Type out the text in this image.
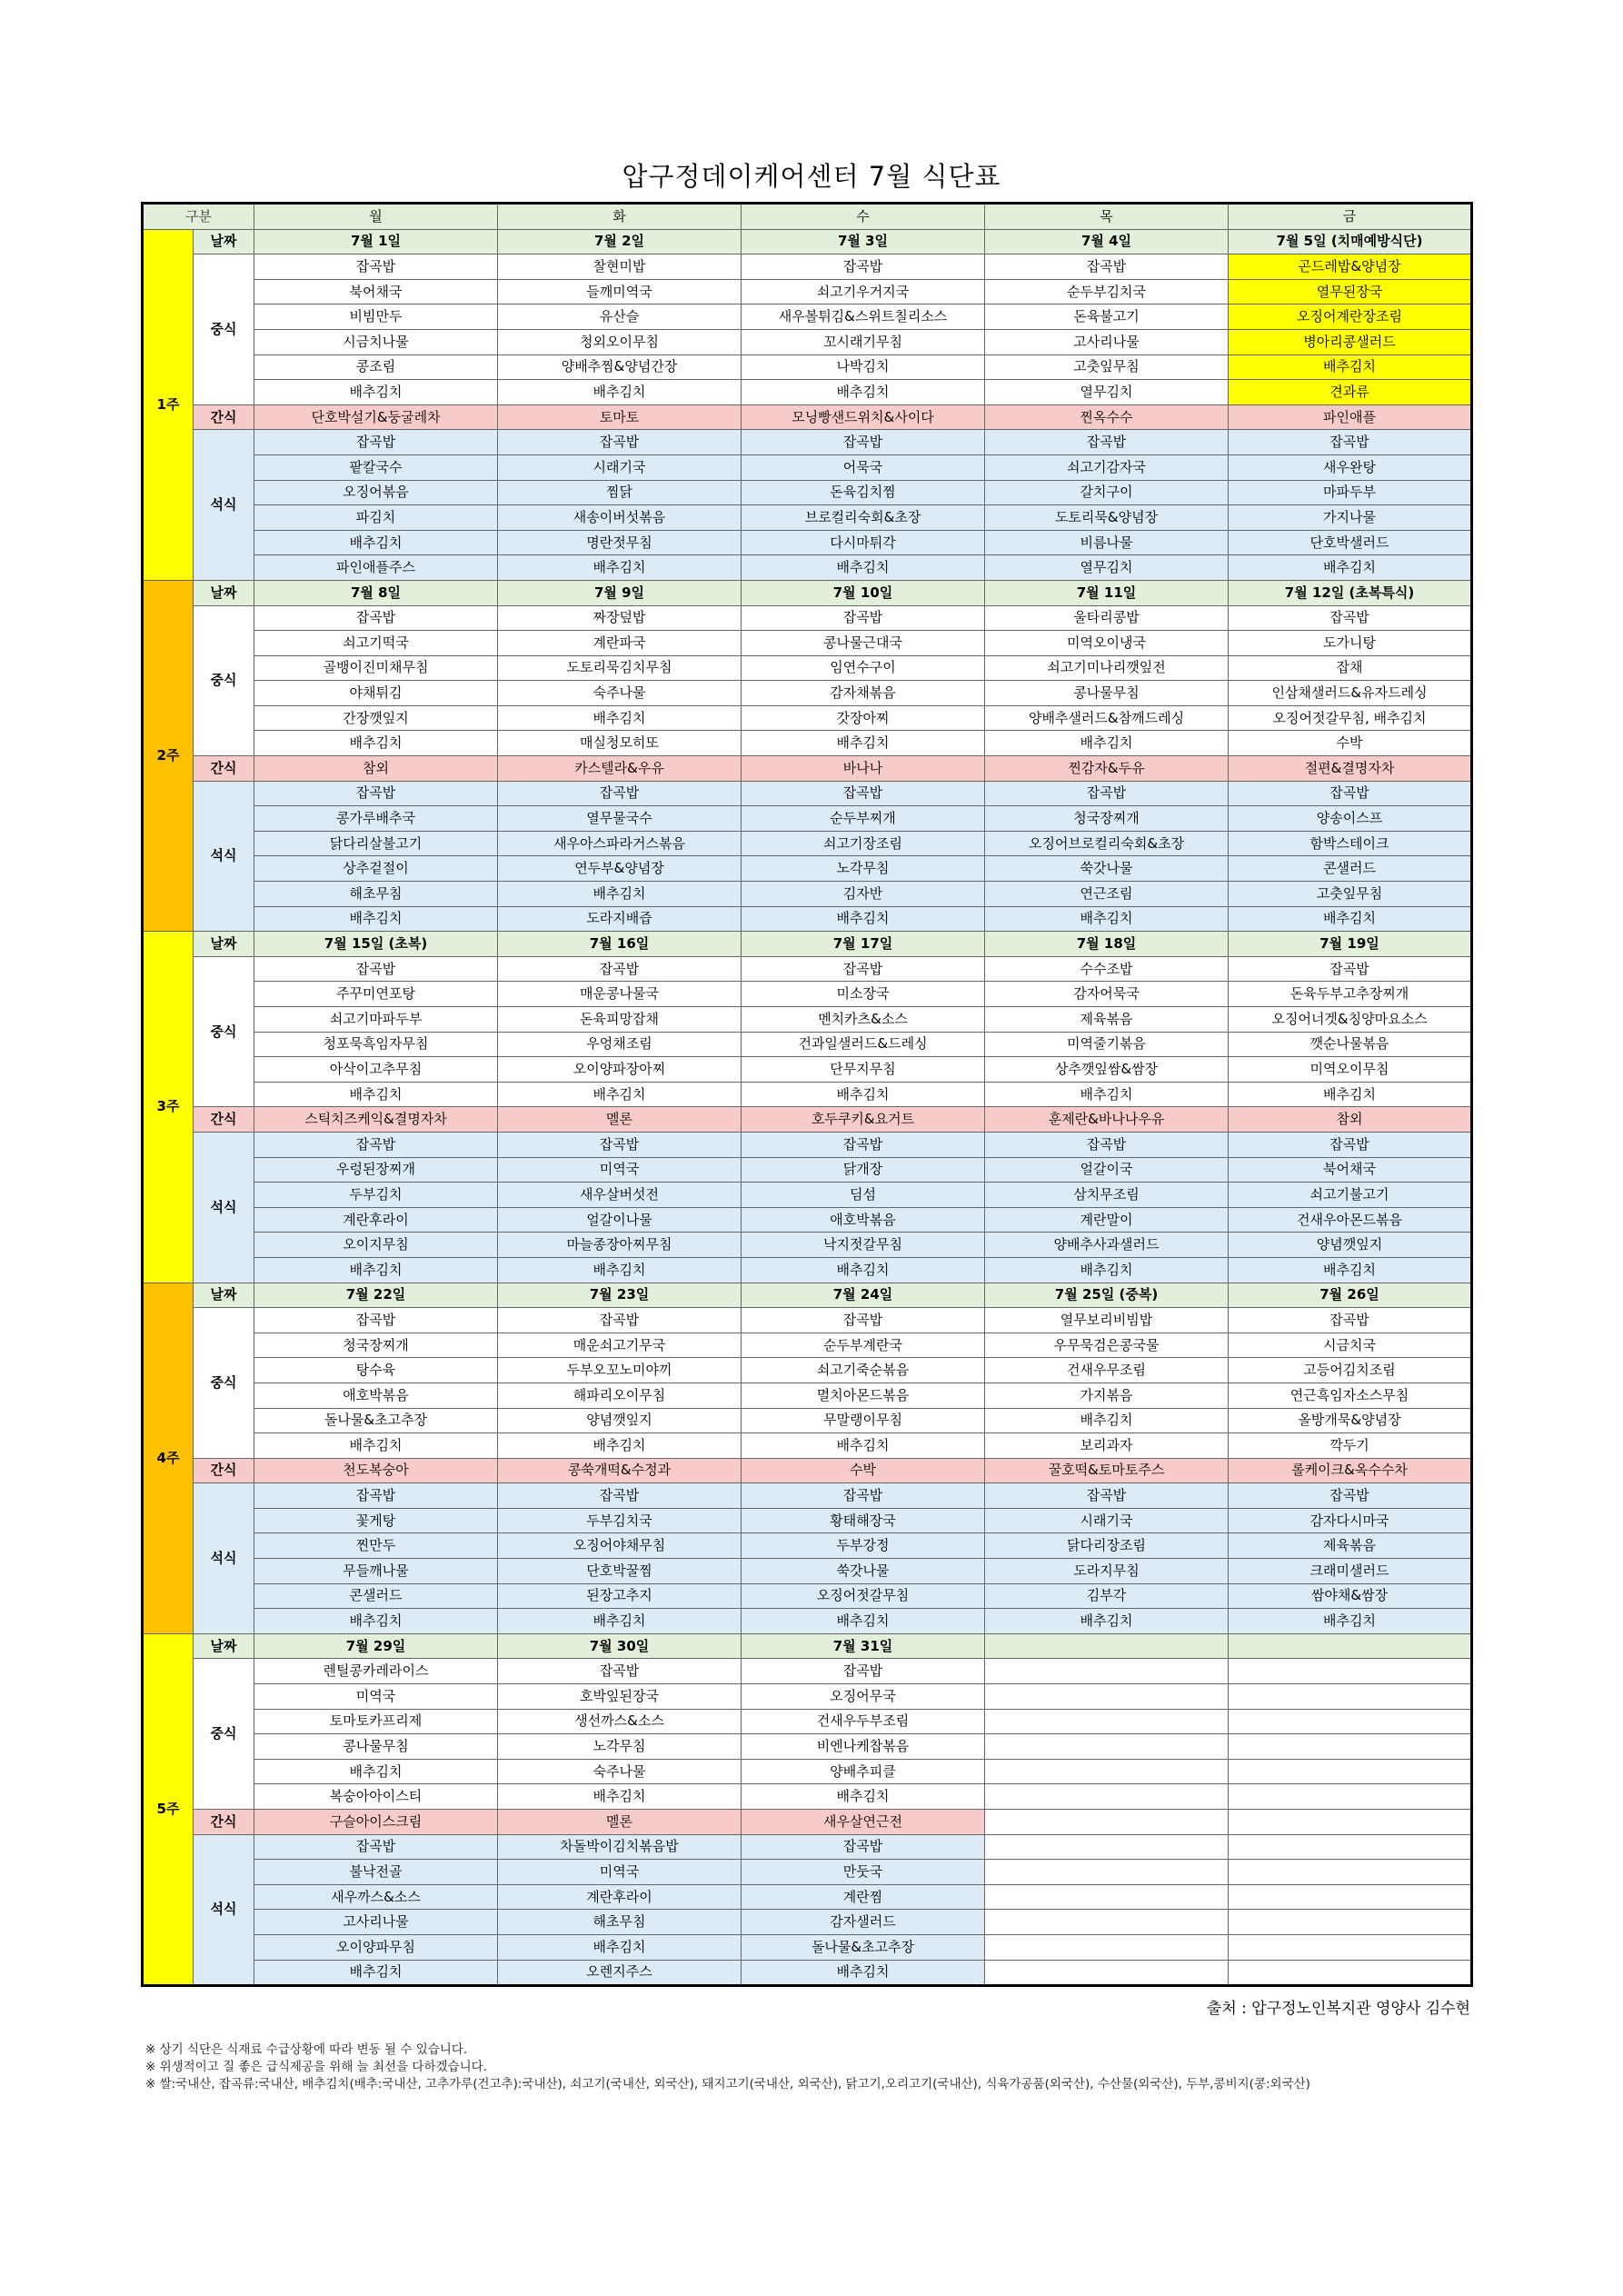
압구정데이케어센터 7월 식단표
구분		월	화	수	목	금
1주	날짜	7월 1일	7월 2일	7월 3일	7월 4일	7월 5일 (치매예방식단)
	중식	잡곡밥	찰현미밥	잡곡밥	잡곡밥	곤드레밥&양념장
		북어채국	들깨미역국	쇠고기우거지국	순두부김치국	열무된장국
		비빔만두	유산슬	새우볼튀김&스위트칠리소스	돈육불고기	오징어계란장조림
		시금치나물	청외오이무침	꼬시래기무침	고사리나물	병아리콩샐러드
		콩조림	양배추찜&양념간장	나박김치	고춧잎무침	배추김치
		배추김치	배추김치	배추김치	열무김치	견과류
	간식	단호박설기&둥굴레차	토마토	모닝빵샌드위치&사이다	찐옥수수	파인애플
	석식	잡곡밥	잡곡밥	잡곡밥	잡곡밥	잡곡밥
		팥칼국수	시래기국	어묵국	쇠고기감자국	새우완탕
		오징어볶음	찜닭	돈육김치찜	갈치구이	마파두부
		파김치	새송이버섯볶음	브로컬리숙회&초장	도토리묵&양념장	가지나물
		배추김치	명란젓무침	다시마튀각	비름나물	단호박샐러드
		파인애플주스	배추김치	배추김치	열무김치	배추김치
2주	날짜	7월 8일	7월 9일	7월 10일	7월 11일	7월 12일 (초복특식)
	중식	잡곡밥	짜장덮밥	잡곡밥	울타리콩밥	잡곡밥
		쇠고기떡국	계란파국	콩나물근대국	미역오이냉국	도가니탕
		골뱅이진미채무침	도토리묵김치무침	임연수구이	쇠고기미나리깻잎전	잡채
		야채튀김	숙주나물	감자채볶음	콩나물무침	인삼채샐러드&유자드레싱
		간장깻잎지	배추김치	갓장아찌	양배추샐러드&참깨드레싱	오징어젓갈무침, 배추김치
		배추김치	매실청모히또	배추김치	배추김치	수박
	간식	참외	카스텔라&우유	바나나	찐감자&두유	절편&결명자차
	석식	잡곡밥	잡곡밥	잡곡밥	잡곡밥	잡곡밥
		콩가루배추국	열무물국수	순두부찌개	청국장찌개	양송이스프
		닭다리살불고기	새우아스파라거스볶음	쇠고기장조림	오징어브로컬리숙회&초장	함박스테이크
		상추겉절이	연두부&양념장	노각무침	쑥갓나물	콘샐러드
		해초무침	배추김치	김자반	연근조림	고춧잎무침
		배추김치	도라지배즙	배추김치	배추김치	배추김치
3주	날짜	7월 15일 (초복)	7월 16일	7월 17일	7월 18일	7월 19일
	중식	잡곡밥	잡곡밥	잡곡밥	수수조밥	잡곡밥
		주꾸미연포탕	매운콩나물국	미소장국	감자어묵국	돈육두부고추장찌개
		쇠고기마파두부	돈육피망잡채	멘치카츠&소스	제육볶음	오징어너겟&칭양마요소스
		청포묵흑임자무침	우엉채조림	건과일샐러드&드레싱	미역줄기볶음	깻순나물볶음
		아삭이고추무침	오이양파장아찌	단무지무침	상추깻잎쌈&쌈장	미역오이무침
		배추김치	배추김치	배추김치	배추김치	배추김치
	간식	스틱치즈케익&결명자차	멜론	호두쿠키&요거트	훈제란&바나나우유	참외
	석식	잡곡밥	잡곡밥	잡곡밥	잡곡밥	잡곡밥
		우렁된장찌개	미역국	닭개장	얼갈이국	북어채국
		두부김치	새우살버섯전	딤섬	삼치무조림	쇠고기불고기
		계란후라이	얼갈이나물	애호박볶음	계란말이	건새우아몬드볶음
		오이지무침	마늘종장아찌무침	낙지젓갈무침	양배추사과샐러드	양념깻잎지
		배추김치	배추김치	배추김치	배추김치	배추김치
4주	날짜	7월 22일	7월 23일	7월 24일	7월 25일 (중복)	7월 26일
	중식	잡곡밥	잡곡밥	잡곡밥	열무보리비빔밥	잡곡밥
		청국장찌개	매운쇠고기무국	순두부계란국	우무묵검은콩국물	시금치국
		탕수육	두부오꼬노미야끼	쇠고기죽순볶음	건새우무조림	고등어김치조림
		애호박볶음	해파리오이무침	멸치아몬드볶음	가지볶음	연근흑임자소스무침
		돌나물&초고추장	양념깻잎지	무말랭이무침	배추김치	올방개묵&양념장
		배추김치	배추김치	배추김치	보리과자	깍두기
	간식	천도복숭아	콩쑥개떡&수정과	수박	꿀호떡&토마토주스	롤케이크&옥수수차
	석식	잡곡밥	잡곡밥	잡곡밥	잡곡밥	잡곡밥
		꽃게탕	두부김치국	황태해장국	시래기국	감자다시마국
		찐만두	오징어야채무침	두부강정	닭다리장조림	제육볶음
		무들깨나물	단호박꿀찜	쑥갓나물	도라지무침	크래미샐러드
		콘샐러드	된장고추지	오징어젓갈무침	김부각	쌈야채&쌈장
		배추김치	배추김치	배추김치	배추김치	배추김치
5주	날짜	7월 29일	7월 30일	7월 31일		
	중식	렌틸콩카레라이스	잡곡밥	잡곡밥		
		미역국	호박잎된장국	오징어무국		
		토마토카프리제	생선까스&소스	건새우두부조림		
		콩나물무침	노각무침	비엔나케찹볶음		
		배추김치	숙주나물	양배추피클		
		복숭아아이스티	배추김치	배추김치		
	간식	구슬아이스크림	멜론	새우살연근전		
	석식	잡곡밥	차돌박이김치볶음밥	잡곡밥		
		불낙전골	미역국	만둣국		
		새우까스&소스	계란후라이	계란찜		
		고사리나물	해초무침	감자샐러드		
		오이양파무침	배추김치	돌나물&초고추장		
		배추김치	오렌지주스	배추김치		
출처 : 압구정노인복지관 영양사 김수현
※ 상기 식단은 식재료 수급상황에 따라 변동 될 수 있습니다.
※ 위생적이고 질 좋은 급식제공을 위해 늘 최선을 다하겠습니다.
※ 쌀:국내산, 잡곡류:국내산, 배추김치(배추:국내산, 고추가루(건고추):국내산), 쇠고기(국내산, 외국산), 돼지고기(국내산, 외국산), 닭고기,오리고기(국내산), 식육가공품(외국산), 수산물(외국산), 두부,콩비지(콩:외국산)
